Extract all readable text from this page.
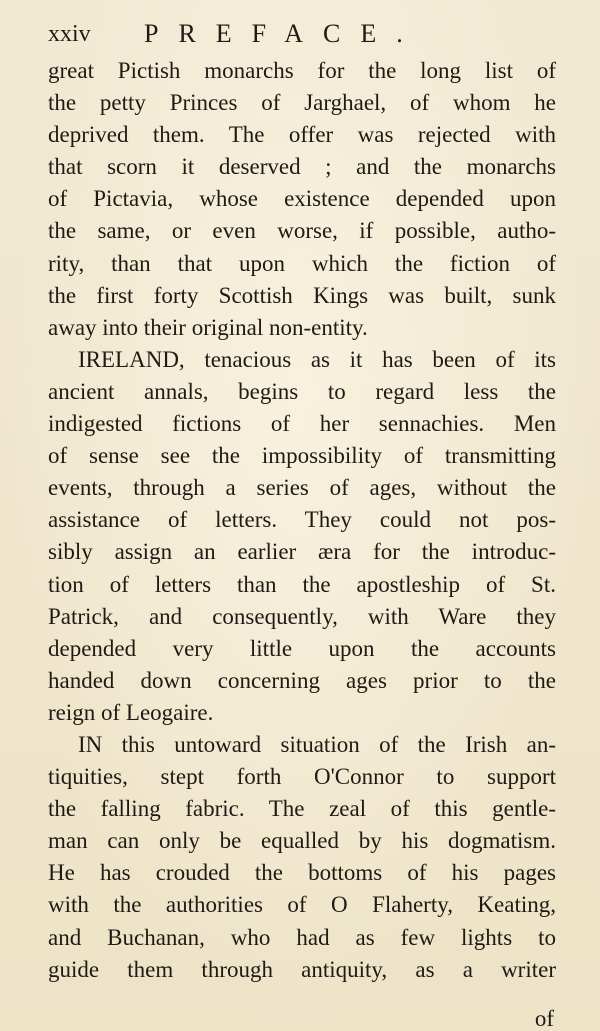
xxiv PREFACE.
great Pictish monarchs for the long list of
the petty Princes of Jarghael, of whom he
deprived them. The offer was rejected with
that scorn it deserved ; and the monarchs
of Pictavia, whose existence depended upon
the same, or even worse, if possible, autho-
rity, than that upon which the fiction of
the first forty Scottish Kings was built, sunk
away into their original non-entity.
IRELAND, tenacious as it has been of its
ancient annals, begins to regard less the
indigested fictions of her sennachies. Men
of sense see the impossibility of transmitting
events, through a series of ages, without the
assistance of letters. They could not pos-
sibly assign an earlier æra for the introduc-
tion of letters than the apostleship of St.
Patrick, and consequently, with Ware they
depended very little upon the accounts
handed down concerning ages prior to the
reign of Leogaire.
IN this untoward situation of the Irish an-
tiquities, stept forth O'Connor to support
the falling fabric. The zeal of this gentle-
man can only be equalled by his dogmatism.
He has crouded the bottoms of his pages
with the authorities of O Flaherty, Keating,
and Buchanan, who had as few lights to
guide them through antiquity, as a writer
of
